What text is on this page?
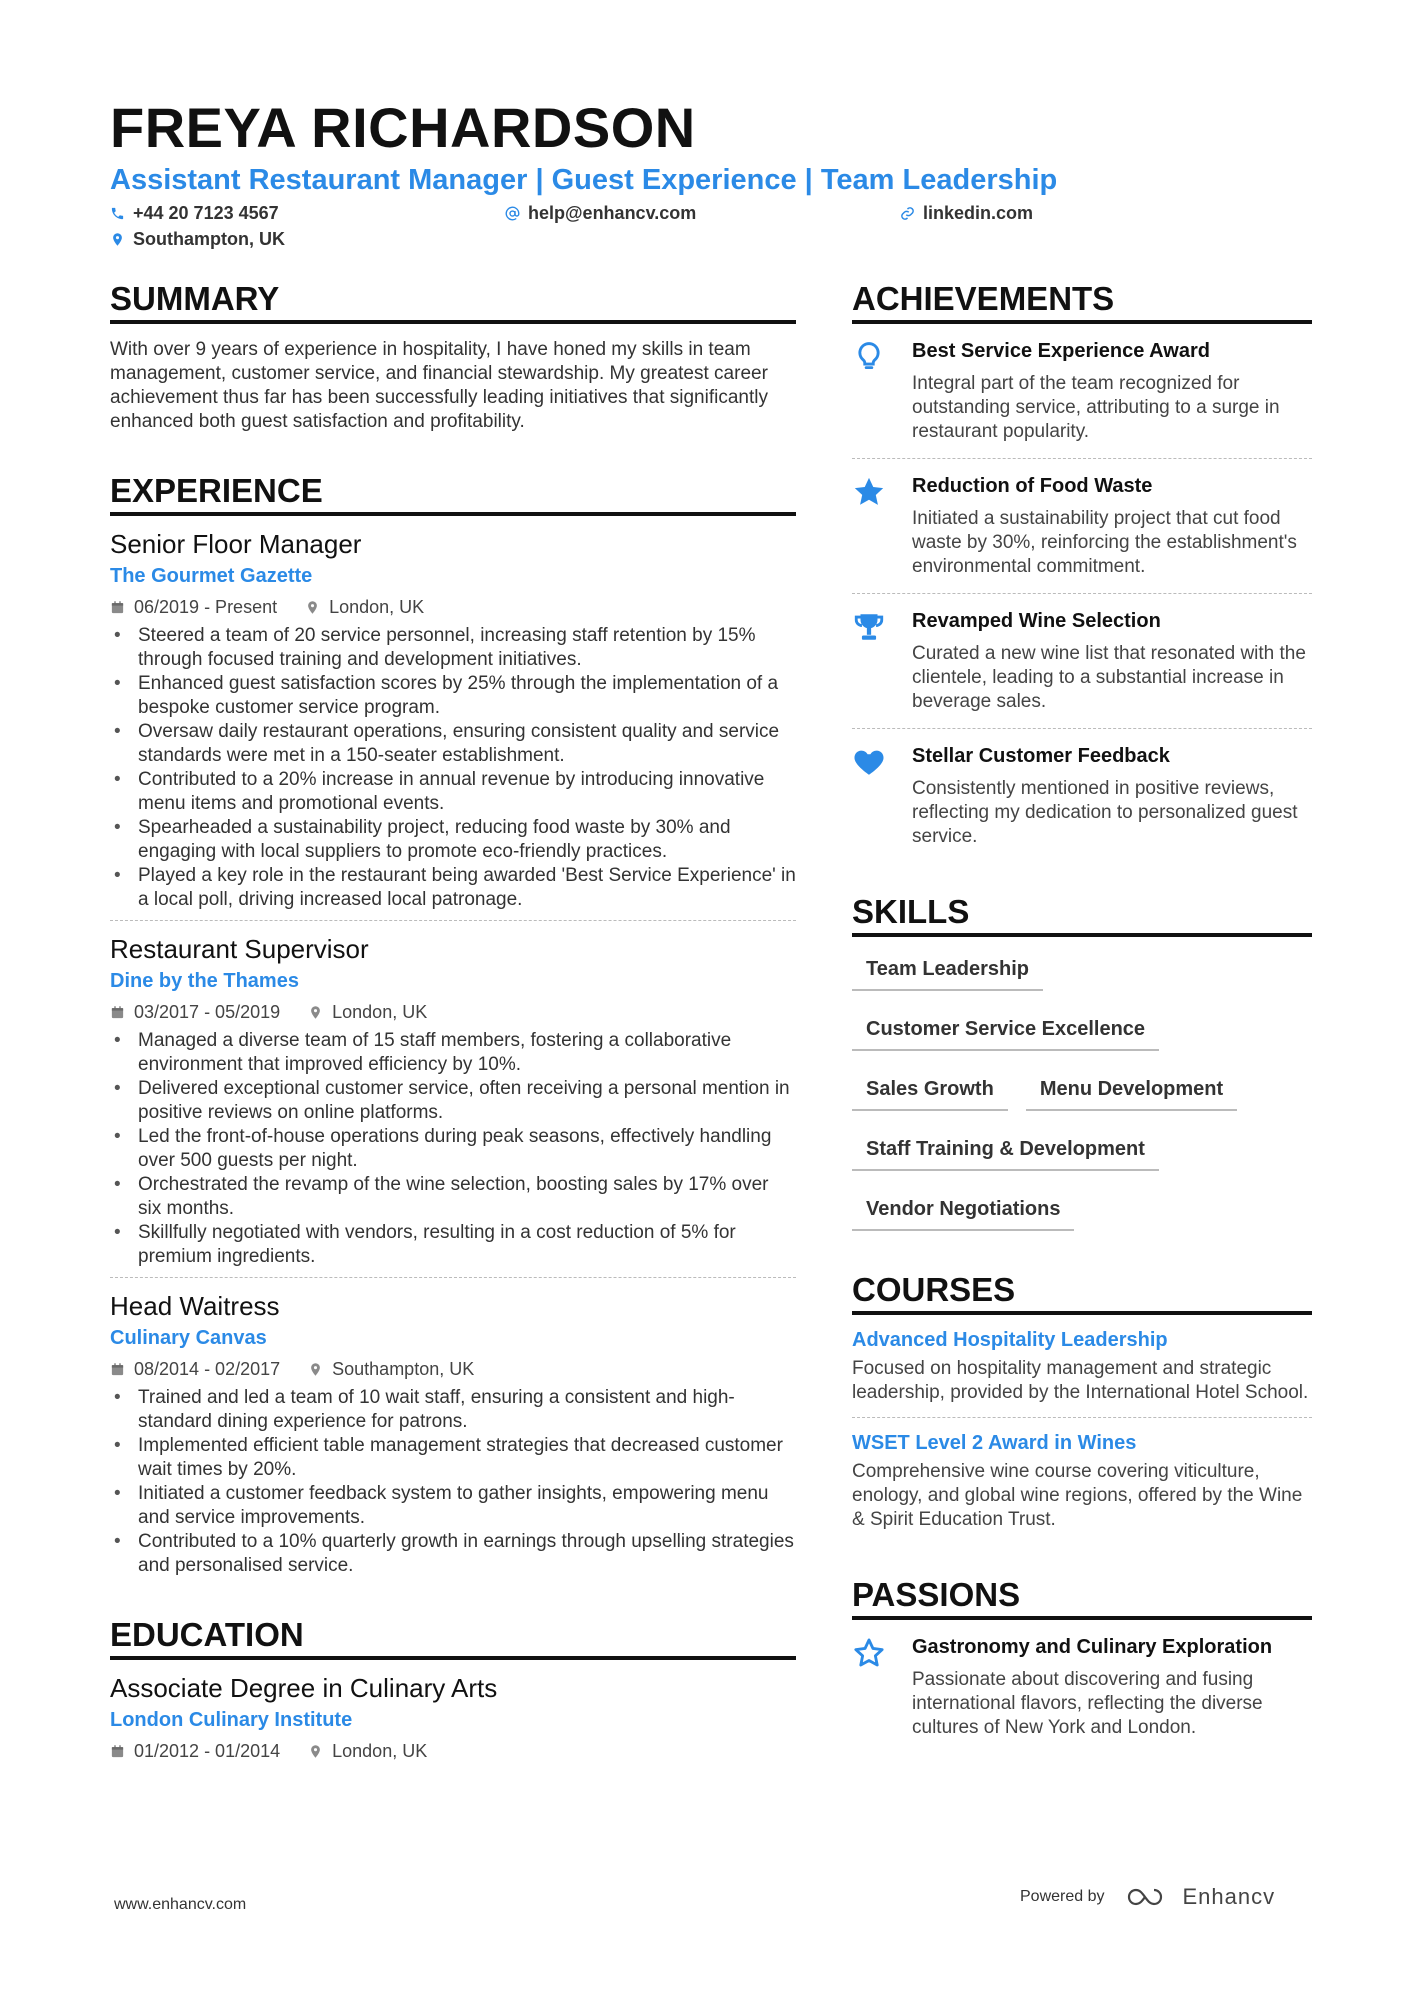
FREYA RICHARDSON
Assistant Restaurant Manager | Guest Experience | Team Leadership
+44 20 7123 4567	help@enhancv.com	linkedin.com
Southampton, UK
SUMMARY
With over 9 years of experience in hospitality, I have honed my skills in team management, customer service, and financial stewardship. My greatest career achievement thus far has been successfully leading initiatives that significantly enhanced both guest satisfaction and profitability.
EXPERIENCE
Senior Floor Manager
The Gourmet Gazette
06/2019 - Present	London, UK
• Steered a team of 20 service personnel, increasing staff retention by 15% through focused training and development initiatives.
• Enhanced guest satisfaction scores by 25% through the implementation of a bespoke customer service program.
• Oversaw daily restaurant operations, ensuring consistent quality and service standards were met in a 150-seater establishment.
• Contributed to a 20% increase in annual revenue by introducing innovative menu items and promotional events.
• Spearheaded a sustainability project, reducing food waste by 30% and engaging with local suppliers to promote eco-friendly practices.
• Played a key role in the restaurant being awarded 'Best Service Experience' in a local poll, driving increased local patronage.
Restaurant Supervisor
Dine by the Thames
03/2017 - 05/2019	London, UK
• Managed a diverse team of 15 staff members, fostering a collaborative environment that improved efficiency by 10%.
• Delivered exceptional customer service, often receiving a personal mention in positive reviews on online platforms.
• Led the front-of-house operations during peak seasons, effectively handling over 500 guests per night.
• Orchestrated the revamp of the wine selection, boosting sales by 17% over six months.
• Skillfully negotiated with vendors, resulting in a cost reduction of 5% for premium ingredients.
Head Waitress
Culinary Canvas
08/2014 - 02/2017	Southampton, UK
• Trained and led a team of 10 wait staff, ensuring a consistent and high-standard dining experience for patrons.
• Implemented efficient table management strategies that decreased customer wait times by 20%.
• Initiated a customer feedback system to gather insights, empowering menu and service improvements.
• Contributed to a 10% quarterly growth in earnings through upselling strategies and personalised service.
EDUCATION
Associate Degree in Culinary Arts
London Culinary Institute
01/2012 - 01/2014	London, UK
ACHIEVEMENTS
Best Service Experience Award
Integral part of the team recognized for outstanding service, attributing to a surge in restaurant popularity.
Reduction of Food Waste
Initiated a sustainability project that cut food waste by 30%, reinforcing the establishment's environmental commitment.
Revamped Wine Selection
Curated a new wine list that resonated with the clientele, leading to a substantial increase in beverage sales.
Stellar Customer Feedback
Consistently mentioned in positive reviews, reflecting my dedication to personalized guest service.
SKILLS
Team Leadership
Customer Service Excellence
Sales Growth	Menu Development
Staff Training & Development
Vendor Negotiations
COURSES
Advanced Hospitality Leadership
Focused on hospitality management and strategic leadership, provided by the International Hotel School.
WSET Level 2 Award in Wines
Comprehensive wine course covering viticulture, enology, and global wine regions, offered by the Wine & Spirit Education Trust.
PASSIONS
Gastronomy and Culinary Exploration
Passionate about discovering and fusing international flavors, reflecting the diverse cultures of New York and London.
www.enhancv.com	Powered by	Enhancv
